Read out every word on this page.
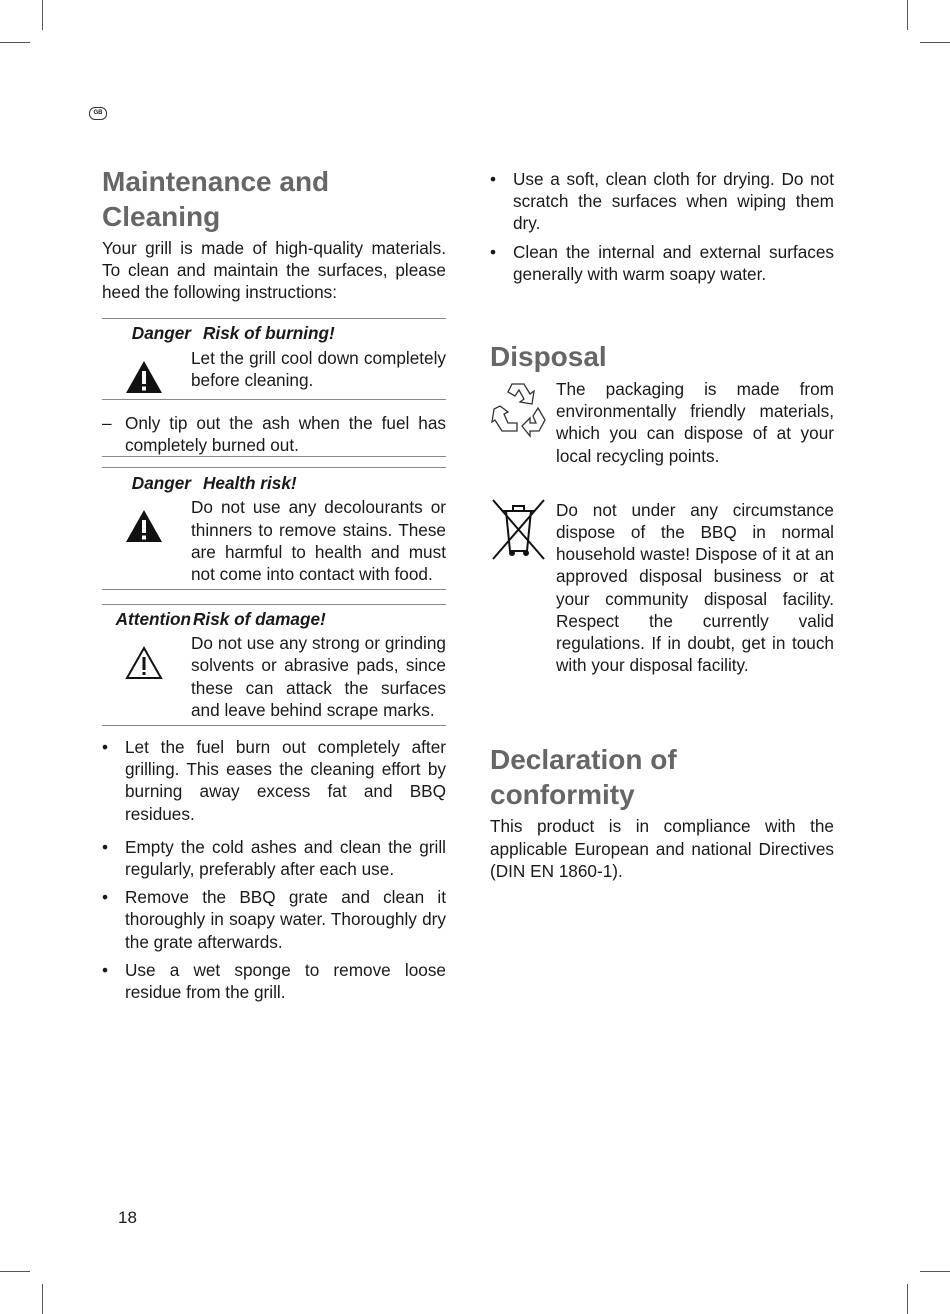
GB
Maintenance and
Cleaning

Your grill is made of high-quality materials. To clean and maintain the surfaces, please heed the following instructions:

Danger Risk of burning!

Let the grill cool down completely before cleaning.

– Only tip out the ash when the fuel has completely burned out.
Danger Health risk!

Do not use any decolourants or thinners to remove stains. These are harmful to health and must not come into contact with food.

Attention Risk of damage!

Do not use any strong or grinding solvents or abrasive pads, since these can attack the surfaces and leave behind scrape marks.

• Let the fuel burn out completely after grilling. This eases the cleaning effort by burning away excess fat and BBQ residues.
• Empty the cold ashes and clean the grill regularly, preferably after each use.
• Remove the BBQ grate and clean it thoroughly in soapy water. Thoroughly dry the grate afterwards.
• Use a wet sponge to remove loose residue from the grill.
• Use a soft, clean cloth for drying. Do not scratch the surfaces when wiping them dry.
• Clean the internal and external surfaces generally with warm soapy water.
Disposal

The packaging is made from environmentally friendly materials, which you can dispose of at your local recycling points.

Do not under any circumstance dispose of the BBQ in normal household waste! Dispose of it at an approved disposal business or at your community disposal facility. Respect the currently valid regulations. If in doubt, get in touch with your disposal facility.

Declaration of
conformity

This product is in compliance with the applicable European and national Directives (DIN EN 1860-1).

18
